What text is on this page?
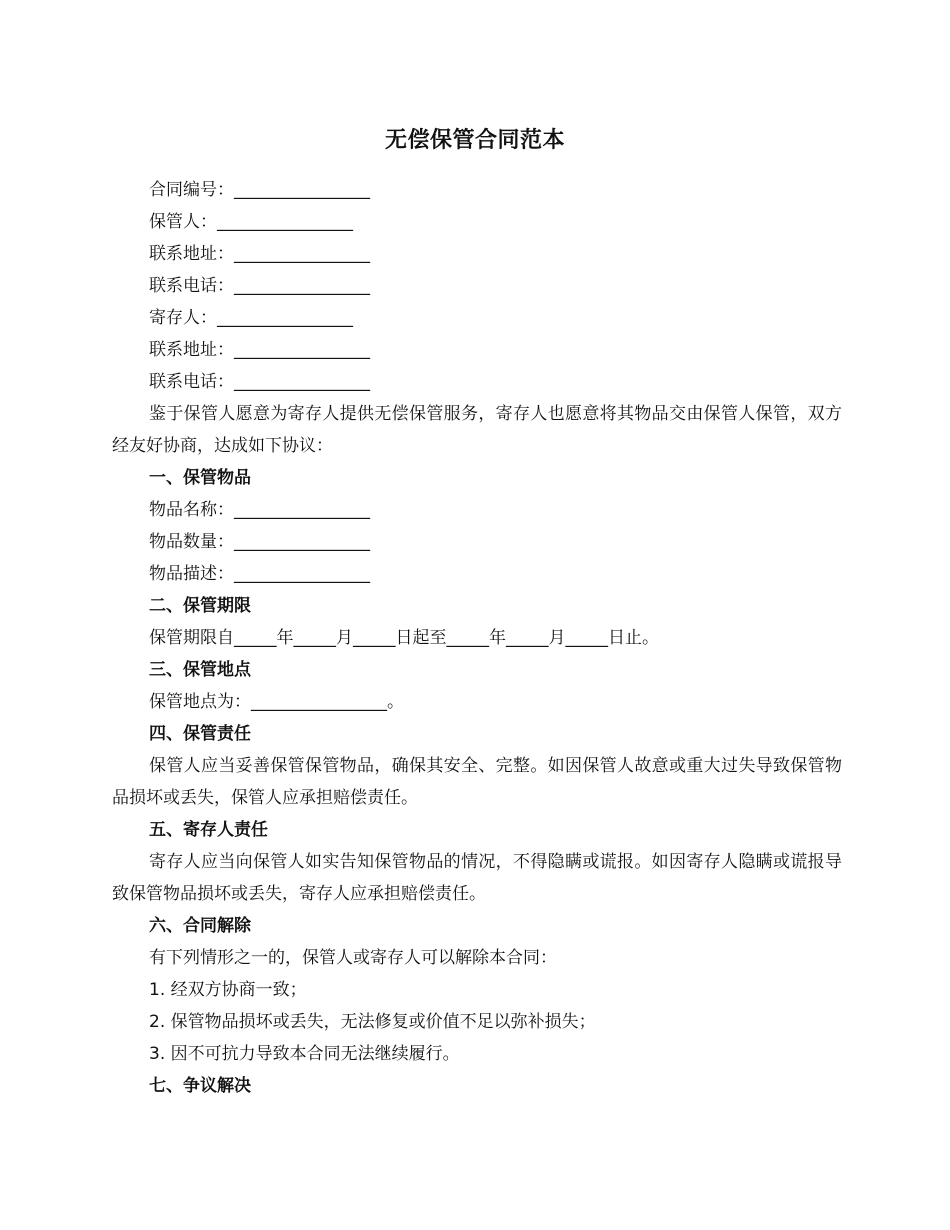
无偿保管合同范本

合同编号：________________

保管人：________________

联系地址：________________

联系电话：________________

寄存人：________________

联系地址：________________

联系电话：________________

鉴于保管人愿意为寄存人提供无偿保管服务，寄存人也愿意将其物品交由保管人保管，双方经友好协商，达成如下协议：

一、保管物品

物品名称：________________

物品数量：________________

物品描述：________________

二、保管期限

保管期限自_____年_____月_____日起至_____年_____月_____日止。

三、保管地点

保管地点为：________________。

四、保管责任

保管人应当妥善保管保管物品，确保其安全、完整。如因保管人故意或重大过失导致保管物品损坏或丢失，保管人应承担赔偿责任。

五、寄存人责任

寄存人应当向保管人如实告知保管物品的情况，不得隐瞒或谎报。如因寄存人隐瞒或谎报导致保管物品损坏或丢失，寄存人应承担赔偿责任。

六、合同解除

有下列情形之一的，保管人或寄存人可以解除本合同：

1. 经双方协商一致；

2. 保管物品损坏或丢失，无法修复或价值不足以弥补损失；

3. 因不可抗力导致本合同无法继续履行。

七、争议解决
